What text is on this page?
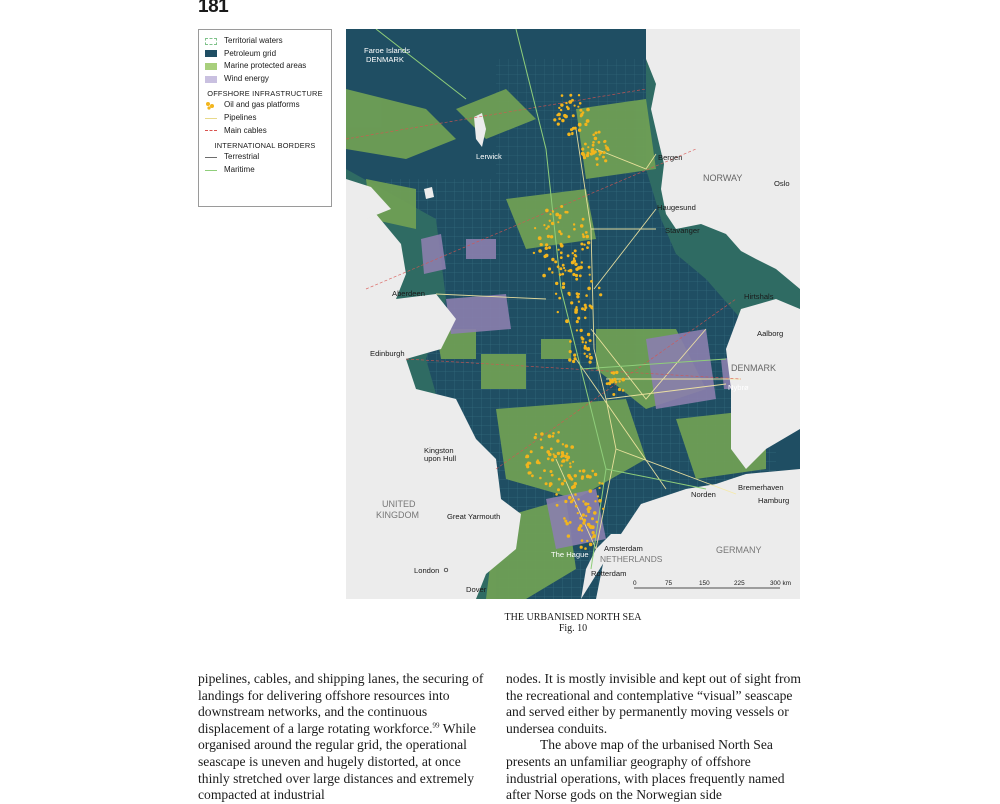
181
Territorial waters
Petroleum grid
Marine protected areas
Wind energy
OFFSHORE INFRASTRUCTURE
Oil and gas platforms
Pipelines
Main cables
INTERNATIONAL BORDERS
Terrestrial
Maritime
Faroe Islands
DENMARK
Lerwick	Bergen
NORWAY
Oslo
Haugesund
Stavanger
Aberdeen	Hirtshals
Aalborg
Edinburgh
DENMARK
Nybrø
Kingston
upon Hull
Norden
Bremerhaven
Hamburg
UNITED
KINGDOM	Great Yarmouth
Amsterdam	GERMANY
The Hague NETHERLANDS
London	Rotterdam
Dover
0	75	150	225	300 km
THE URBANISED NORTH SEA
Fig. 10

pipelines, cables, and shipping lanes, the securing of landings for delivering offshore resources into downstream networks, and the continuous displacement of a large rotating workforce.$^{99}$ While organised around the regular grid, the operational seascape is uneven and hugely distorted, at once thinly stretched over large distances and extremely compacted at industrial

nodes. It is mostly invisible and kept out of sight from the recreational and contemplative “visual” seascape and served either by permanently moving vessels or undersea conduits.

The above map of the urbanised North Sea presents an unfamiliar geography of offshore industrial operations, with places frequently named after Norse gods on the Norwegian side
